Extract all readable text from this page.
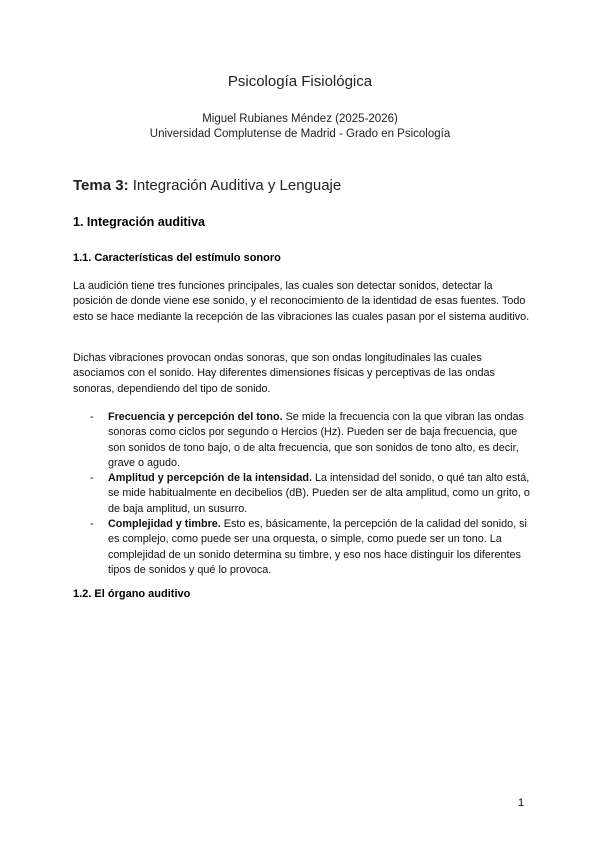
Psicología Fisiológica
Miguel Rubianes Méndez (2025-2026)
Universidad Complutense de Madrid - Grado en Psicología
Tema 3: Integración Auditiva y Lenguaje
1. Integración auditiva
1.1. Características del estímulo sonoro
La audición tiene tres funciones principales, las cuales son detectar sonidos, detectar la posición de donde viene ese sonido, y el reconocimiento de la identidad de esas fuentes. Todo esto se hace mediante la recepción de las vibraciones las cuales pasan por el sistema auditivo.
Dichas vibraciones provocan ondas sonoras, que son ondas longitudinales las cuales asociamos con el sonido. Hay diferentes dimensiones físicas y perceptivas de las ondas sonoras, dependiendo del tipo de sonido.
- Frecuencia y percepción del tono. Se mide la frecuencia con la que vibran las ondas sonoras como ciclos por segundo o Hercios (Hz). Pueden ser de baja frecuencia, que son sonidos de tono bajo, o de alta frecuencia, que son sonidos de tono alto, es decir, grave o agudo.
- Amplitud y percepción de la intensidad. La intensidad del sonido, o qué tan alto está, se mide habitualmente en decibelios (dB). Pueden ser de alta amplitud, como un grito, o de baja amplitud, un susurro.
- Complejidad y timbre. Esto es, básicamente, la percepción de la calidad del sonido, si es complejo, como puede ser una orquesta, o simple, como puede ser un tono. La complejidad de un sonido determina su timbre, y eso nos hace distinguir los diferentes tipos de sonidos y qué lo provoca.
1.2. El órgano auditivo
1
